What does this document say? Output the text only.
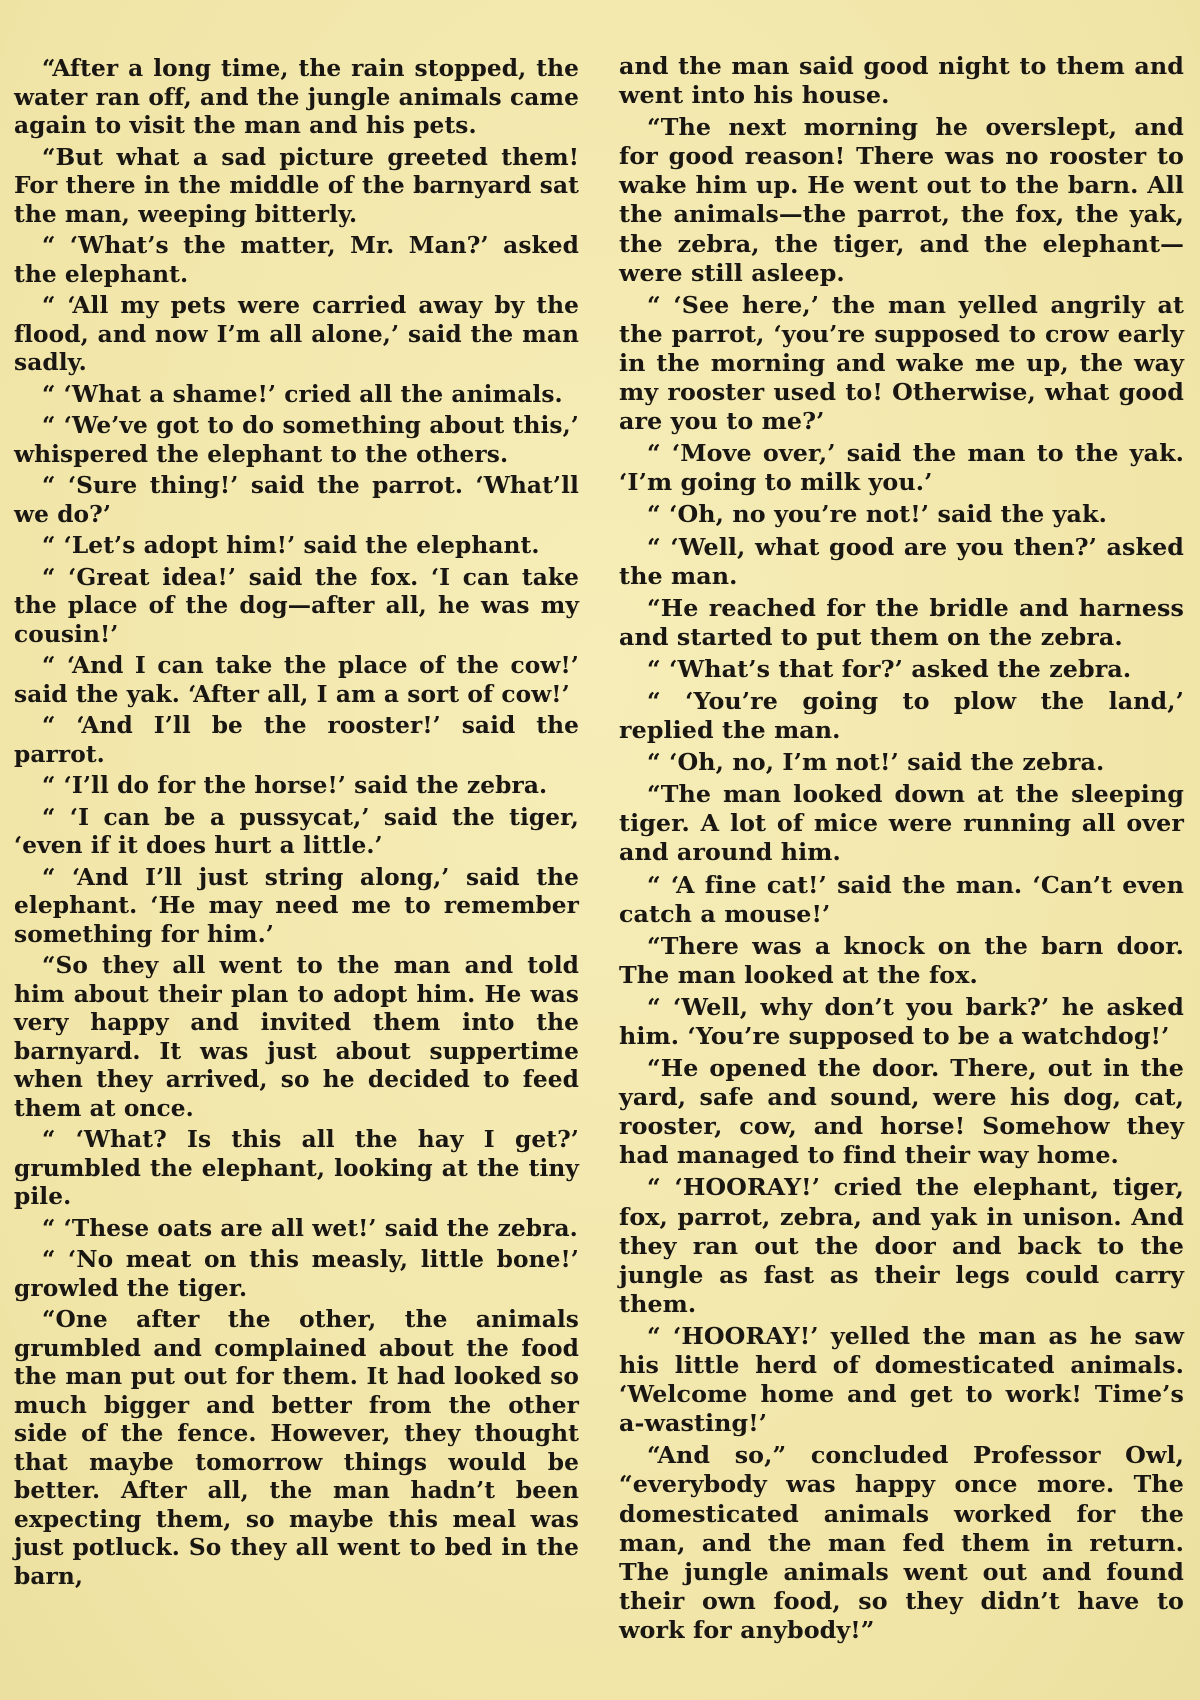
“After a long time, the rain stopped, the water ran off, and the jungle animals came again to visit the man and his pets.

“But what a sad picture greeted them! For there in the middle of the barnyard sat the man, weeping bitterly.

“ ‘What’s the matter, Mr. Man?’ asked the elephant.

“ ‘All my pets were carried away by the flood, and now I’m all alone,’ said the man sadly.

“ ‘What a shame!’ cried all the animals.

“ ‘We’ve got to do something about this,’ whispered the elephant to the others.

“ ‘Sure thing!’ said the parrot. ‘What’ll we do?’

“ ‘Let’s adopt him!’ said the elephant.

“ ‘Great idea!’ said the fox. ‘I can take the place of the dog—after all, he was my cousin!’

“ ‘And I can take the place of the cow!’ said the yak. ‘After all, I am a sort of cow!’

“ ‘And I’ll be the rooster!’ said the parrot.

“ ‘I’ll do for the horse!’ said the zebra.

“ ‘I can be a pussycat,’ said the tiger, ‘even if it does hurt a little.’

“ ‘And I’ll just string along,’ said the elephant. ‘He may need me to remember something for him.’

“So they all went to the man and told him about their plan to adopt him. He was very happy and invited them into the barnyard. It was just about suppertime when they arrived, so he decided to feed them at once.

“ ‘What? Is this all the hay I get?’ grumbled the elephant, looking at the tiny pile.

“ ‘These oats are all wet!’ said the zebra.

“ ‘No meat on this measly, little bone!’ growled the tiger.

“One after the other, the animals grumbled and complained about the food the man put out for them. It had looked so much bigger and better from the other side of the fence. However, they thought that maybe tomorrow things would be better. After all, the man hadn’t been expecting them, so maybe this meal was just potluck. So they all went to bed in the barn,

and the man said good night to them and went into his house.

“The next morning he overslept, and for good reason! There was no rooster to wake him up. He went out to the barn. All the animals—the parrot, the fox, the yak, the zebra, the tiger, and the elephant—were still asleep.

“ ‘See here,’ the man yelled angrily at the parrot, ‘you’re supposed to crow early in the morning and wake me up, the way my rooster used to! Otherwise, what good are you to me?’

“ ‘Move over,’ said the man to the yak. ‘I’m going to milk you.’

“ ‘Oh, no you’re not!’ said the yak.

“ ‘Well, what good are you then?’ asked the man.

“He reached for the bridle and harness and started to put them on the zebra.

“ ‘What’s that for?’ asked the zebra.

“ ‘You’re going to plow the land,’ replied the man.

“ ‘Oh, no, I’m not!’ said the zebra.

“The man looked down at the sleeping tiger. A lot of mice were running all over and around him.

“ ‘A fine cat!’ said the man. ‘Can’t even catch a mouse!’

“There was a knock on the barn door. The man looked at the fox.

“ ‘Well, why don’t you bark?’ he asked him. ‘You’re supposed to be a watchdog!’

“He opened the door. There, out in the yard, safe and sound, were his dog, cat, rooster, cow, and horse! Somehow they had managed to find their way home.

“ ‘HOORAY!’ cried the elephant, tiger, fox, parrot, zebra, and yak in unison. And they ran out the door and back to the jungle as fast as their legs could carry them.

“ ‘HOORAY!’ yelled the man as he saw his little herd of domesticated animals. ‘Welcome home and get to work! Time’s a-wasting!’

“And so,” concluded Professor Owl, “everybody was happy once more. The domesticated animals worked for the man, and the man fed them in return. The jungle animals went out and found their own food, so they didn’t have to work for anybody!”
